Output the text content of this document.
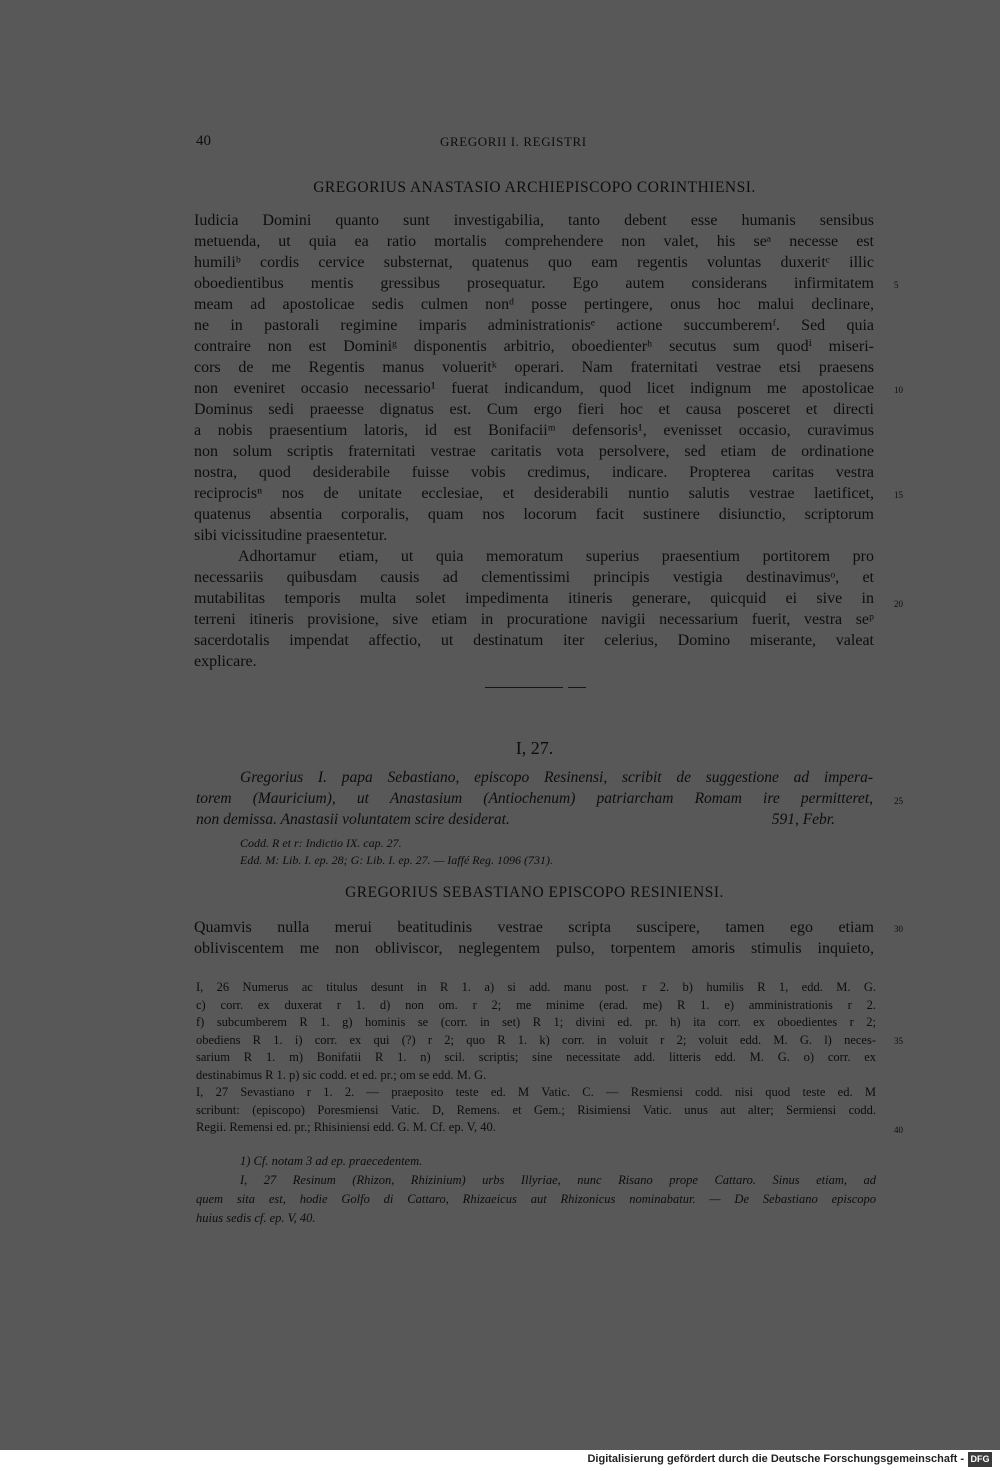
40	GREGORII I. REGISTRI
GREGORIUS ANASTASIO ARCHIEPISCOPO CORINTHIENSI.
Iudicia Domini quanto sunt investigabilia, tanto debent esse humanis sensibus
metuenda, ut quia ea ratio mortalis comprehendere non valet, his seᵃ necesse est
humiliᵇ cordis cervice substernat, quatenus quo eam regentis voluntas duxeritᶜ illic
oboedientibus mentis gressibus prosequatur. Ego autem considerans infirmitatem
meam ad apostolicae sedis culmen nonᵈ posse pertingere, onus hoc malui declinare,
ne in pastorali regimine imparis administrationisᵉ actione succumberemᶠ. Sed quia
contraire non est Dominiᵍ disponentis arbitrio, oboedienterʰ secutus sum quodⁱ miseri-
cors de me Regentis manus volueritᵏ operari. Nam fraternitati vestrae etsi praesens
non eveniret occasio necessario¹ fuerat indicandum, quod licet indignum me apostolicae
Dominus sedi praeesse dignatus est. Cum ergo fieri hoc et causa posceret et directi
a nobis praesentium latoris, id est Bonifaciiᵐ defensoris¹, evenisset occasio, curavimus
non solum scriptis fraternitati vestrae caritatis vota persolvere, sed etiam de ordinatione
nostra, quod desiderabile fuisse vobis credimus, indicare. Propterea caritas vestra
reciprocisⁿ nos de unitate ecclesiae, et desiderabili nuntio salutis vestrae laetificet,
quatenus absentia corporalis, quam nos locorum facit sustinere disiunctio, scriptorum
sibi vicissitudine praesentetur.
Adhortamur etiam, ut quia memoratum superius praesentium portitorem pro
necessariis quibusdam causis ad clementissimi principis vestigia destinavimusᵒ, et
mutabilitas temporis multa solet impedimenta itineris generare, quicquid ei sive in
terreni itineris provisione, sive etiam in procuratione navigii necessarium fuerit, vestra seᵖ
sacerdotalis impendat affectio, ut destinatum iter celerius, Domino miserante, valeat
explicare.
5
10
15
20
I, 27.
Gregorius I. papa Sebastiano, episcopo Resinensi, scribit de suggestione ad impera-
torem (Mauricium), ut Anastasium (Antiochenum) patriarcham Romam ire permitteret,
non demissa. Anastasii voluntatem scire desiderat.	591, Febr.
25
Codd. R et r: Indictio IX. cap. 27.
Edd. M: Lib. I. ep. 28; G: Lib. I. ep. 27. — Iaffé Reg. 1096 (731).
GREGORIUS SEBASTIANO EPISCOPO RESINIENSI.
Quamvis nulla merui beatitudinis vestrae scripta suscipere, tamen ego etiam
obliviscentem me non obliviscor, neglegentem pulso, torpentem amoris stimulis inquieto,
30
I, 26 Numerus ac titulus desunt in R 1. a) si add. manu post. r 2. b) humilis R 1, edd. M. G.
c) corr. ex duxerat r 1. d) non om. r 2; me minime (erad. me) R 1. e) amministrationis r 2.
f) subcumberem R 1. g) hominis se (corr. in set) R 1; divini ed. pr. h) ita corr. ex oboedientes r 2;
obediens R 1. i) corr. ex qui (?) r 2; quo R 1. k) corr. in voluit r 2; voluit edd. M. G. l) neces-
sarium R 1. m) Bonifatii R 1. n) scil. scriptis; sine necessitate add. litteris edd. M. G. o) corr. ex
destinabimus R 1. p) sic codd. et ed. pr.; om se edd. M. G.
I, 27 Sevastiano r 1. 2. — praeposito teste ed. M Vatic. C. — Resmiensi codd. nisi quod teste ed. M
scribunt: (episcopo) Poresmiensi Vatic. D, Remens. et Gem.; Risimiensi Vatic. unus aut alter; Sermiensi codd.
Regii. Remensi ed. pr.; Rhisiniensi edd. G. M. Cf. ep. V, 40.
35
40
1) Cf. notam 3 ad ep. praecedentem.
I, 27 Resinum (Rhizon, Rhizinium) urbs Illyriae, nunc Risano prope Cattaro. Sinus etiam, ad
quem sita est, hodie Golfo di Cattaro, Rhizaeicus aut Rhizonicus nominabatur. — De Sebastiano episcopo
huius sedis cf. ep. V, 40.
Digitalisierung gefördert durch die Deutsche Forschungsgemeinschaft - DFG
